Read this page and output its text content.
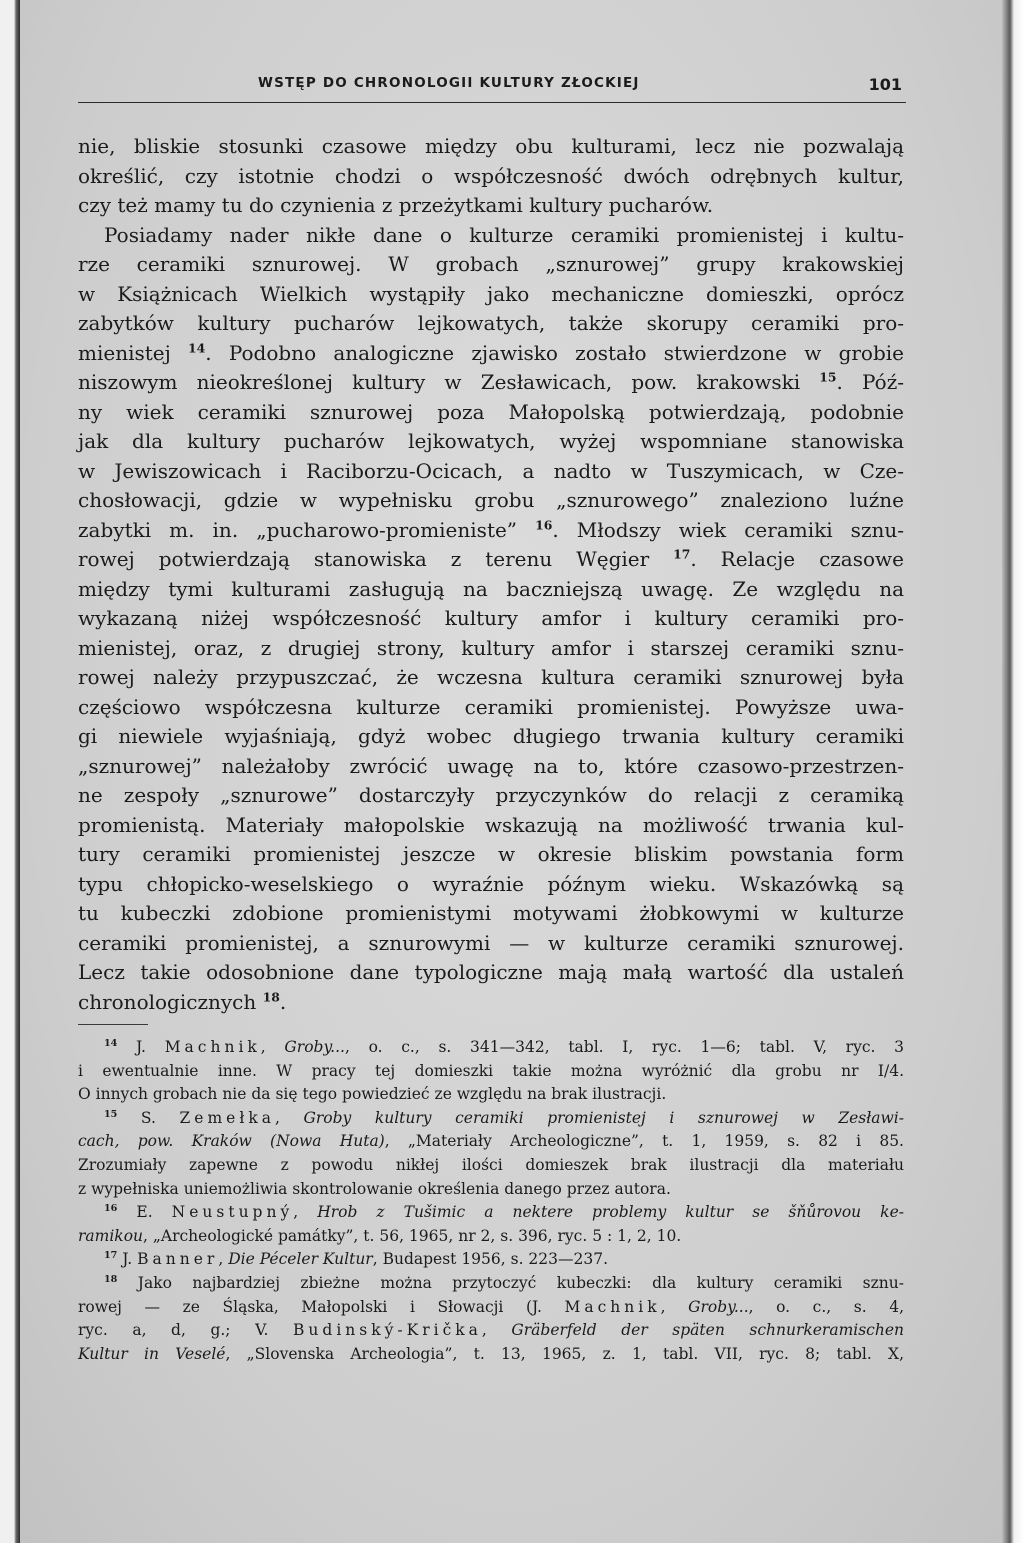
WSTĘP DO CHRONOLOGII KULTURY ZŁOCKIEJ	101
nie, bliskie stosunki czasowe między obu kulturami, lecz nie pozwalają
określić, czy istotnie chodzi o współczesność dwóch odrębnych kultur,
czy też mamy tu do czynienia z przeżytkami kultury pucharów.
Posiadamy nader nikłe dane o kulturze ceramiki promienistej i kultu-
rze ceramiki sznurowej. W grobach „sznurowej” grupy krakowskiej
w Książnicach Wielkich wystąpiły jako mechaniczne domieszki, oprócz
zabytków kultury pucharów lejkowatych, także skorupy ceramiki pro-
mienistej $^{14}$. Podobno analogiczne zjawisko zostało stwierdzone w grobie
niszowym nieokreślonej kultury w Zesławicach, pow. krakowski $^{15}$. Póź-
ny wiek ceramiki sznurowej poza Małopolską potwierdzają, podobnie
jak dla kultury pucharów lejkowatych, wyżej wspomniane stanowiska
w Jewiszowicach i Raciborzu-Ocicach, a nadto w Tuszymicach, w Cze-
chosłowacji, gdzie w wypełnisku grobu „sznurowego” znaleziono luźne
zabytki m. in. „pucharowo-promieniste” $^{16}$. Młodszy wiek ceramiki sznu-
rowej potwierdzają stanowiska z terenu Węgier $^{17}$. Relacje czasowe
między tymi kulturami zasługują na baczniejszą uwagę. Ze względu na
wykazaną niżej współczesność kultury amfor i kultury ceramiki pro-
mienistej, oraz, z drugiej strony, kultury amfor i starszej ceramiki sznu-
rowej należy przypuszczać, że wczesna kultura ceramiki sznurowej była
częściowo współczesna kulturze ceramiki promienistej. Powyższe uwa-
gi niewiele wyjaśniają, gdyż wobec długiego trwania kultury ceramiki
„sznurowej” należałoby zwrócić uwagę na to, które czasowo-przestrzen-
ne zespoły „sznurowe” dostarczyły przyczynków do relacji z ceramiką
promienistą. Materiały małopolskie wskazują na możliwość trwania kul-
tury ceramiki promienistej jeszcze w okresie bliskim powstania form
typu chłopicko-weselskiego o wyraźnie późnym wieku. Wskazówką są
tu kubeczki zdobione promienistymi motywami żłobkowymi w kulturze
ceramiki promienistej, a sznurowymi — w kulturze ceramiki sznurowej.
Lecz takie odosobnione dane typologiczne mają małą wartość dla ustaleń
chronologicznych $^{18}$.
$^{14}$ J. Machnik, Groby..., o. c., s. 341—342, tabl. I, ryc. 1—6; tabl. V, ryc. 3
i ewentualnie inne. W pracy tej domieszki takie można wyróżnić dla grobu nr I/4.
O innych grobach nie da się tego powiedzieć ze względu na brak ilustracji.
$^{15}$ S. Zemełka, Groby kultury ceramiki promienistej i sznurowej w Zesławi-
cach, pow. Kraków (Nowa Huta), „Materiały Archeologiczne”, t. 1, 1959, s. 82 i 85.
Zrozumiały zapewne z powodu nikłej ilości domieszek brak ilustracji dla materiału
z wypełniska uniemożliwia skontrolowanie określenia danego przez autora.
$^{16}$ E. Neustupný, Hrob z Tušimic a nektere problemy kultur se šňůrovou ke-
ramikou, „Archeologické památky”, t. 56, 1965, nr 2, s. 396, ryc. 5 : 1, 2, 10.
$^{17}$ J. Banner, Die Péceler Kultur, Budapest 1956, s. 223—237.
$^{18}$ Jako najbardziej zbieżne można przytoczyć kubeczki: dla kultury ceramiki sznu-
rowej — ze Śląska, Małopolski i Słowacji (J. Machnik, Groby..., o. c., s. 4,
ryc. a, d, g.; V. Budinský-Krička, Gräberfeld der späten schnurkeramischen
Kultur in Veselé, „Slovenska Archeologia”, t. 13, 1965, z. 1, tabl. VII, ryc. 8; tabl. X,
